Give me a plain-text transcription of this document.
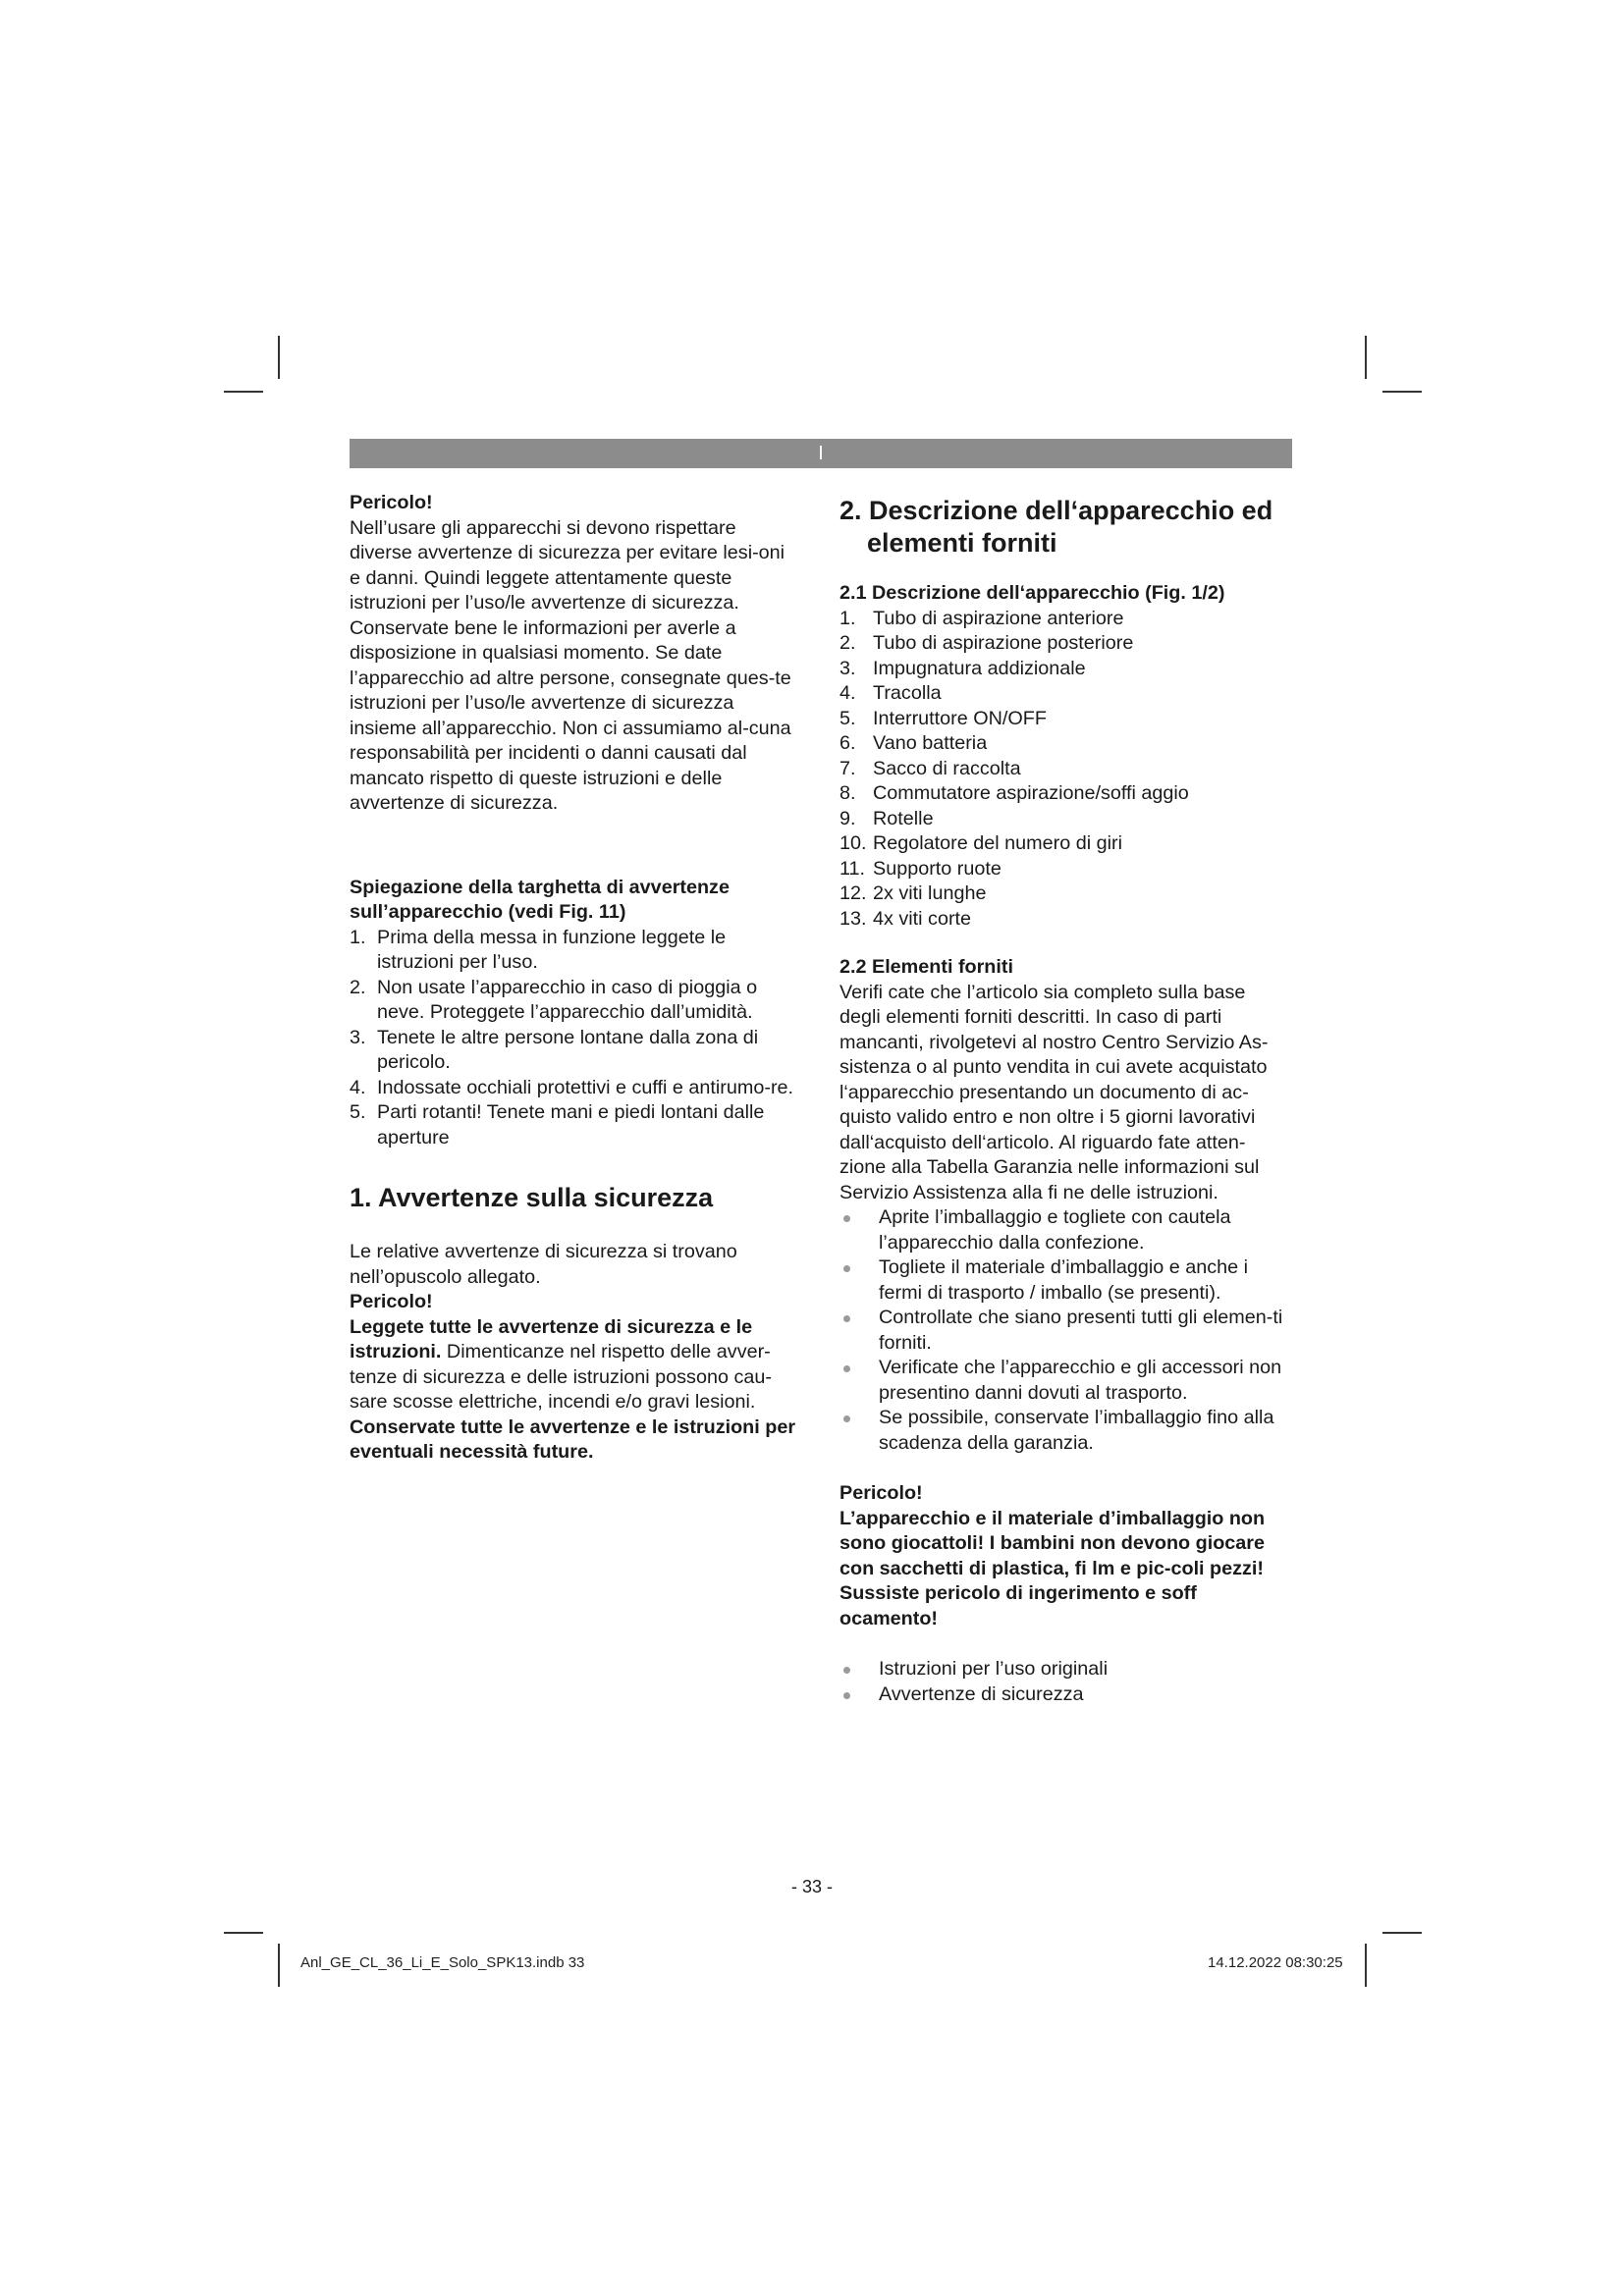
I

Pericolo!

Nell’usare gli apparecchi si devono rispettare diverse avvertenze di sicurezza per evitare lesi-oni e danni. Quindi leggete attentamente queste istruzioni per l’uso/le avvertenze di sicurezza. Conservate bene le informazioni per averle a disposizione in qualsiasi momento. Se date l’apparecchio ad altre persone, consegnate ques-te istruzioni per l’uso/le avvertenze di sicurezza insieme all’apparecchio. Non ci assumiamo al-cuna responsabilità per incidenti o danni causati dal mancato rispetto di queste istruzioni e delle avvertenze di sicurezza.

Spiegazione della targhetta di avvertenze sull’apparecchio (vedi Fig. 11)

1. Prima della messa in funzione leggete le istruzioni per l’uso.
2. Non usate l’apparecchio in caso di pioggia o neve. Proteggete l’apparecchio dall’umidità.
3. Tenete le altre persone lontane dalla zona di pericolo.
4. Indossate occhiali protettivi e cuffi e antirumo-re.
5. Parti rotanti! Tenete mani e piedi lontani dalle aperture

1. Avvertenze sulla sicurezza

Le relative avvertenze di sicurezza si trovano nell’opuscolo allegato.

Pericolo!

Leggete tutte le avvertenze di sicurezza e le istruzioni. Dimenticanze nel rispetto delle avver-tenze di sicurezza e delle istruzioni possono cau-sare scosse elettriche, incendi e/o gravi lesioni.

Conservate tutte le avvertenze e le istruzioni per eventuali necessità future.

2. Descrizione dell‘apparecchio ed
elementi forniti

2.1 Descrizione dell‘apparecchio (Fig. 1/2)

1. Tubo di aspirazione anteriore
2. Tubo di aspirazione posteriore
3. Impugnatura addizionale
4. Tracolla
5. Interruttore ON/OFF
6. Vano batteria
7. Sacco di raccolta
8. Commutatore aspirazione/soffi aggio
9. Rotelle
10. Regolatore del numero di giri
11. Supporto ruote
12. 2x viti lunghe
13. 4x viti corte

2.2 Elementi forniti

Verifi cate che l’articolo sia completo sulla base degli elementi forniti descritti. In caso di parti mancanti, rivolgetevi al nostro Centro Servizio As-sistenza o al punto vendita in cui avete acquistato l‘apparecchio presentando un documento di ac-quisto valido entro e non oltre i 5 giorni lavorativi dall‘acquisto dell‘articolo. Al riguardo fate atten-zione alla Tabella Garanzia nelle informazioni sul Servizio Assistenza alla fi ne delle istruzioni.

Aprite l’imballaggio e togliete con cautela l’apparecchio dalla confezione.
Togliete il materiale d’imballaggio e anche i fermi di trasporto / imballo (se presenti).
Controllate che siano presenti tutti gli elemen-ti forniti.
Verificate che l’apparecchio e gli accessori non presentino danni dovuti al trasporto.
Se possibile, conservate l’imballaggio fino alla scadenza della garanzia.

Pericolo!

L’apparecchio e il materiale d’imballaggio non sono giocattoli! I bambini non devono giocare con sacchetti di plastica, fi lm e pic-coli pezzi! Sussiste pericolo di ingerimento e soff ocamento!

Istruzioni per l’uso originali
Avvertenze di sicurezza
- 33 -
Anl_GE_CL_36_Li_E_Solo_SPK13.indb 33	14.12.2022 08:30:25
